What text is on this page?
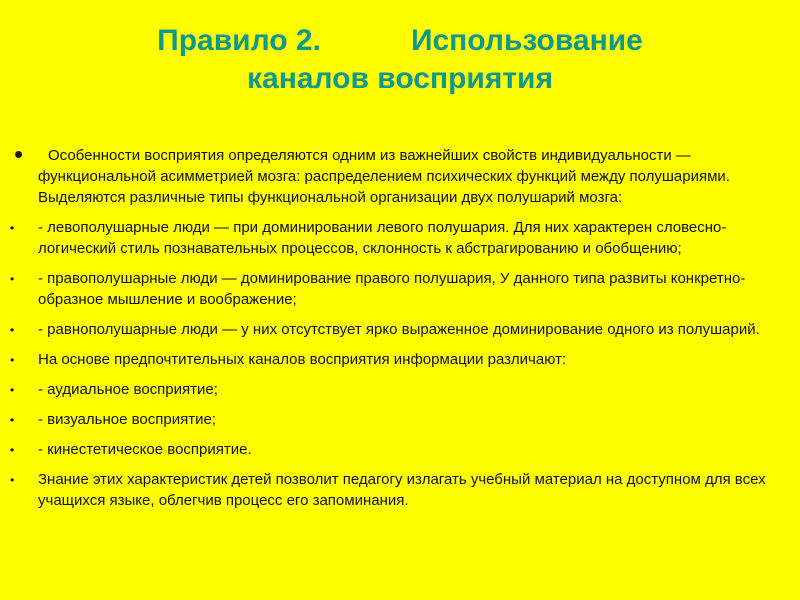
Правило 2.	Использование
каналов восприятия
•	Особенности восприятия определяются одним из важнейших свойств индивидуальности — функциональной асимметрией мозга: распределением психических функций между полушариями. Выделяются различные типы функциональной организации двух полушарий мозга:
•	- левополушарные люди — при доминировании левого полушария. Для них характерен словесно-логический стиль познавательных процессов, склонность к абстрагированию и обобщению;
•	- правополушарные люди — доминирование правого полушария, У данного типа развиты конкретно-образное мышление и воображение;
•	- равнополушарные люди — у них отсутствует ярко выраженное доминирование одного из полушарий.
•	На основе предпочтительных каналов восприятия информации различают:
•	- аудиальное восприятие;
•	- визуальное восприятие;
•	- кинестетическое восприятие.
•	Знание этих характеристик детей позволит педагогу излагать учебный материал на доступном для всех учащихся языке, облегчив процесс его запоминания.
